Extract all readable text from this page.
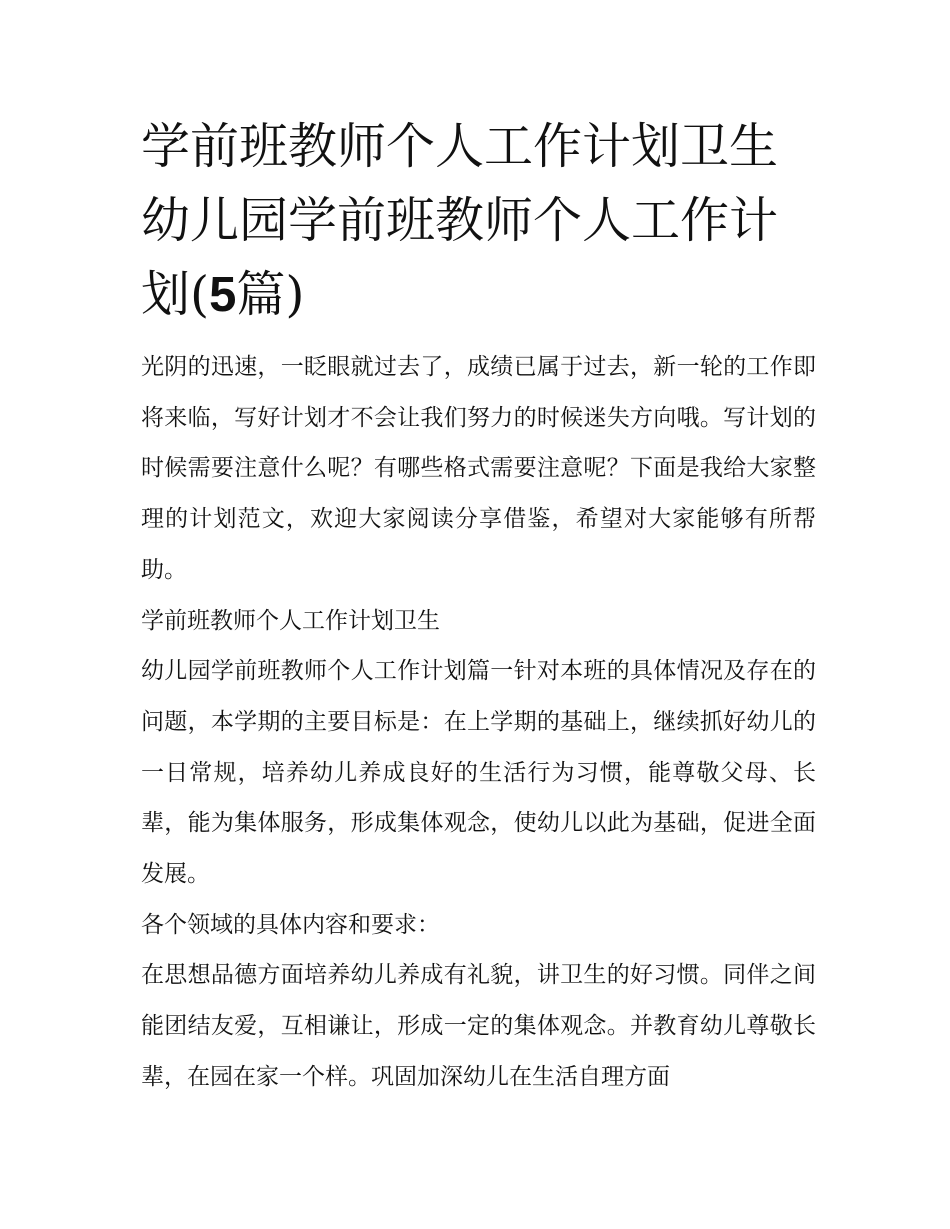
学前班教师个人工作计划卫生幼儿园学前班教师个人工作计划(5篇)

光阴的迅速，一眨眼就过去了，成绩已属于过去，新一轮的工作即将来临，写好计划才不会让我们努力的时候迷失方向哦。写计划的时候需要注意什么呢？有哪些格式需要注意呢？下面是我给大家整理的计划范文，欢迎大家阅读分享借鉴，希望对大家能够有所帮助。

学前班教师个人工作计划卫生

幼儿园学前班教师个人工作计划篇一针对本班的具体情况及存在的问题，本学期的主要目标是：在上学期的基础上，继续抓好幼儿的一日常规，培养幼儿养成良好的生活行为习惯，能尊敬父母、长辈，能为集体服务，形成集体观念，使幼儿以此为基础，促进全面发展。

各个领域的具体内容和要求：

在思想品德方面培养幼儿养成有礼貌，讲卫生的好习惯。同伴之间能团结友爱，互相谦让，形成一定的集体观念。并教育幼儿尊敬长辈，在园在家一个样。巩固加深幼儿在生活自理方面
